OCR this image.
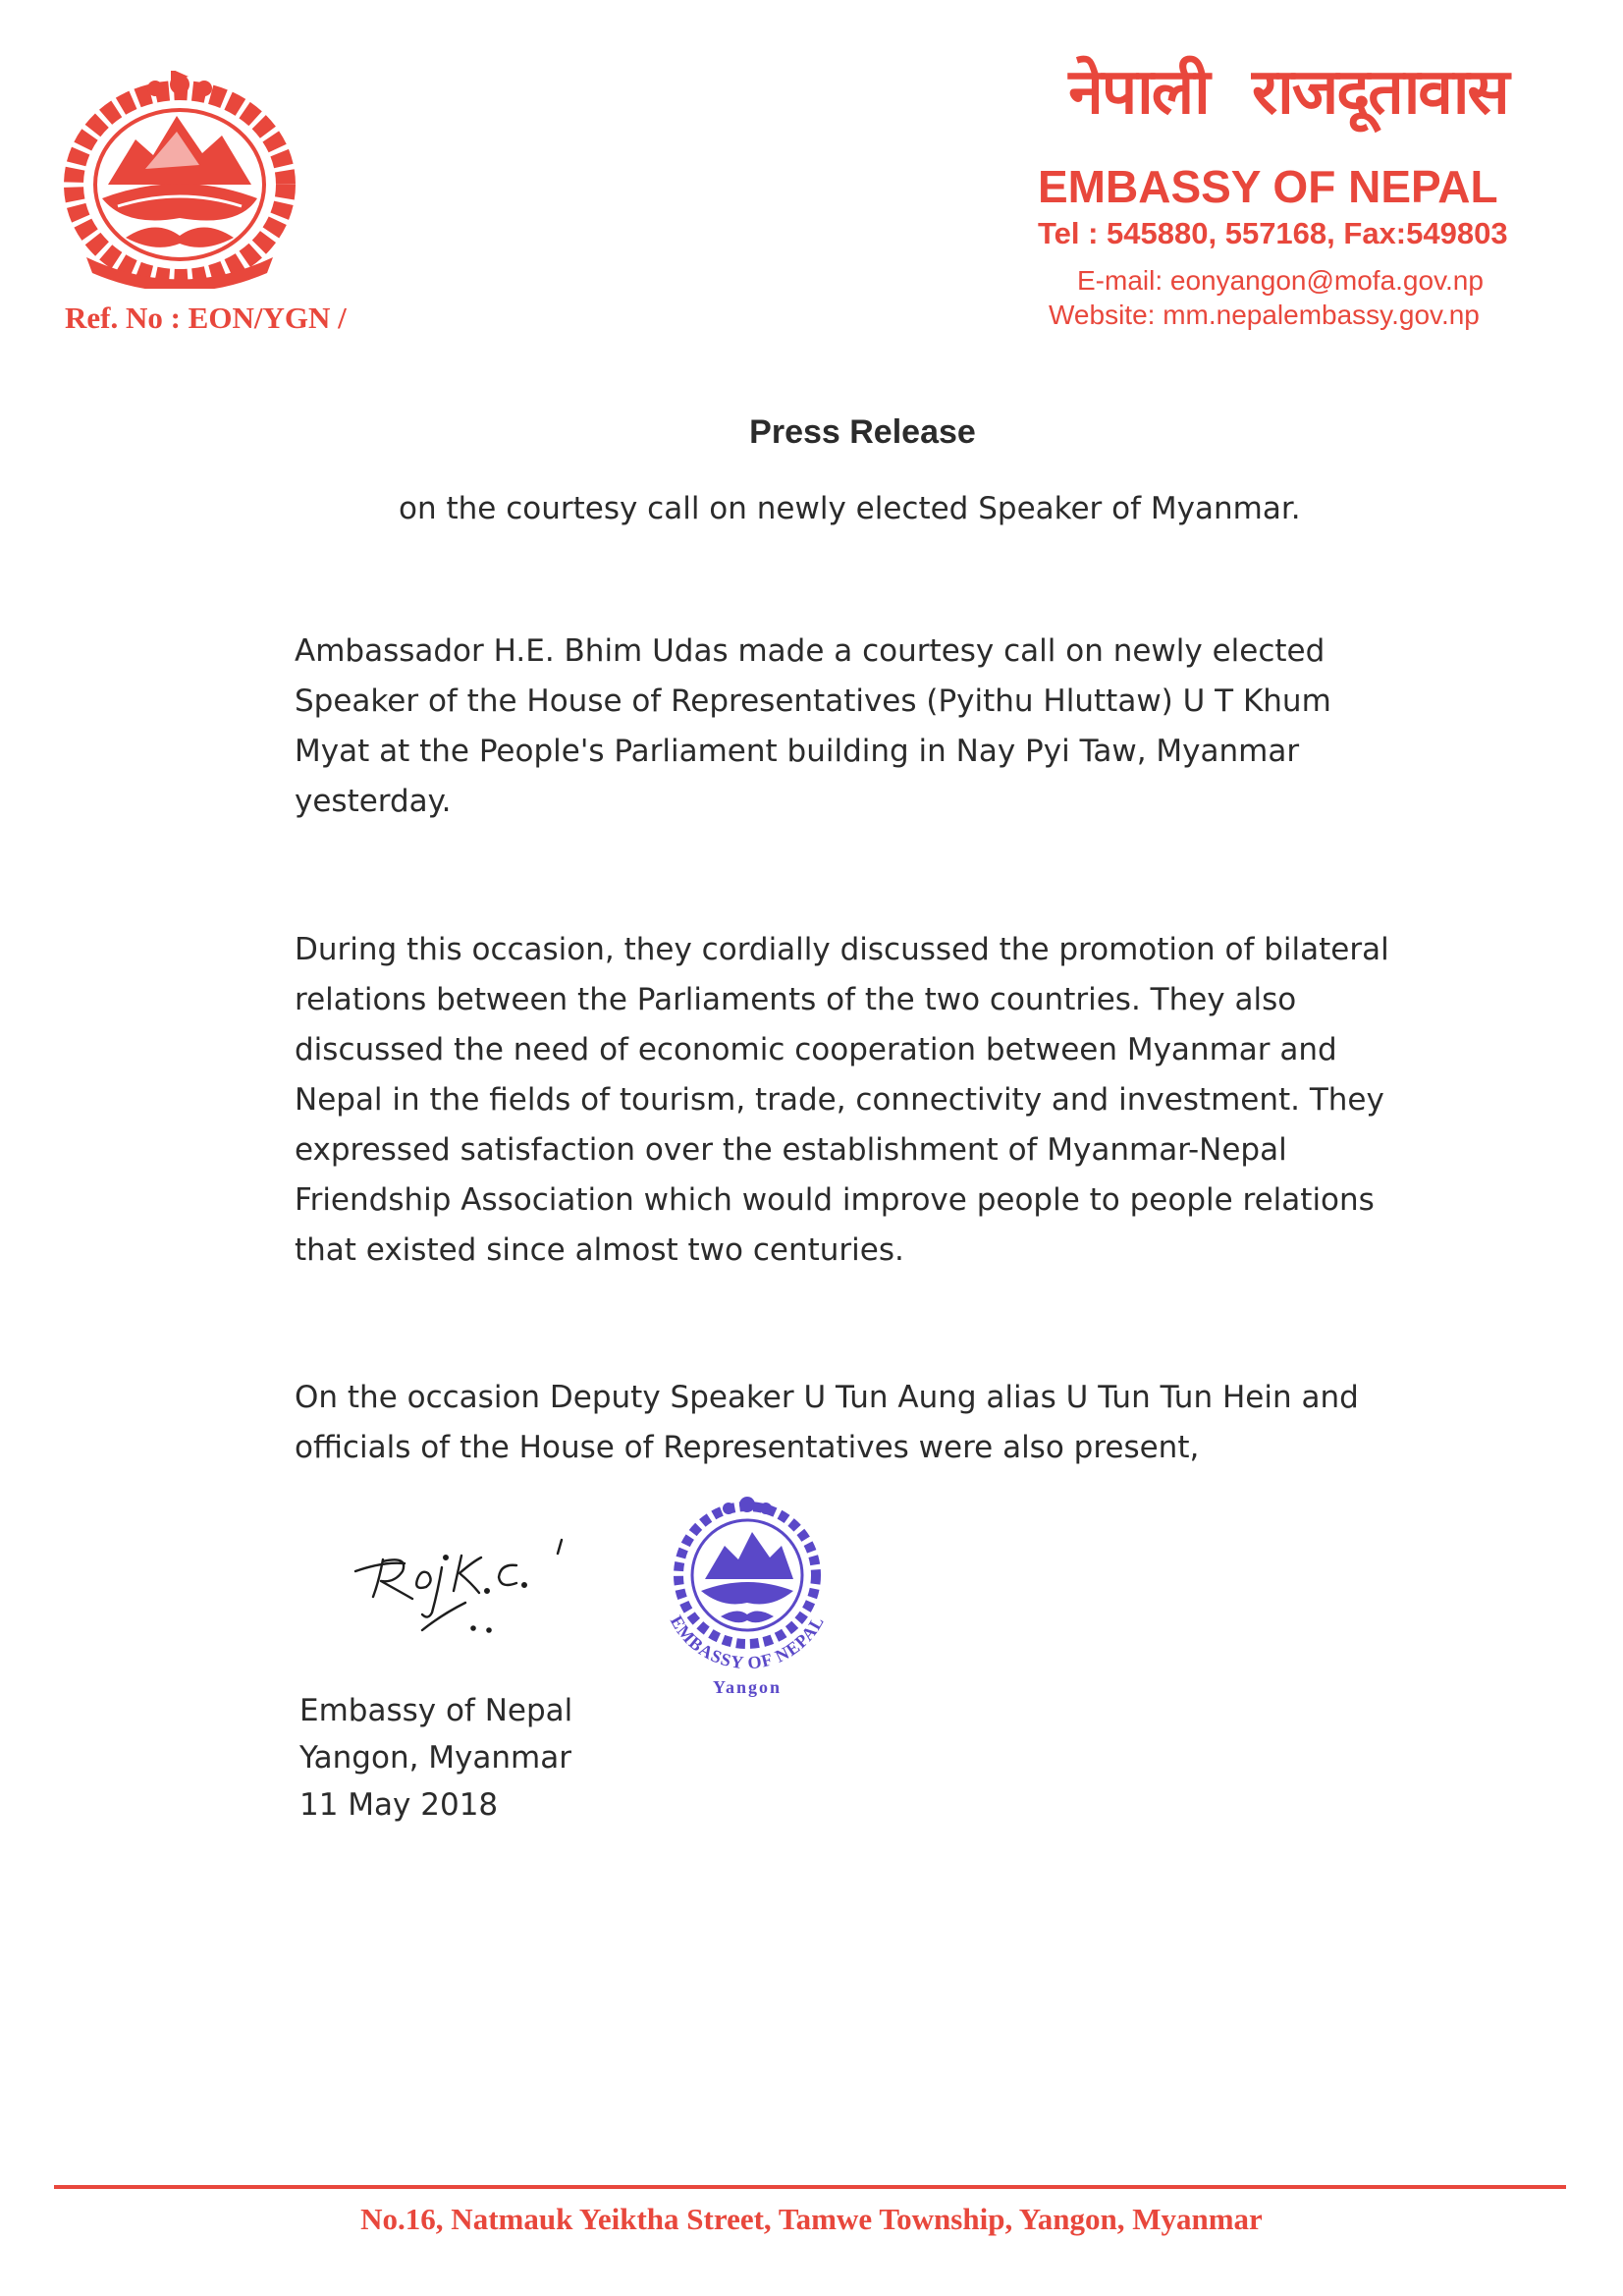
Ref. No : EON/YGN /
नेपाली राजदूतावास
EMBASSY OF NEPAL
Tel : 545880, 557168, Fax:549803
E-mail: eonyangon@mofa.gov.np
Website: mm.nepalembassy.gov.np
Press Release
on the courtesy call on newly elected Speaker of Myanmar.
Ambassador H.E. Bhim Udas made a courtesy call on newly elected
Speaker of the House of Representatives (Pyithu Hluttaw) U T Khum
Myat at the People's Parliament building in Nay Pyi Taw, Myanmar
yesterday.
During this occasion, they cordially discussed the promotion of bilateral
relations between the Parliaments of the two countries. They also
discussed the need of economic cooperation between Myanmar and
Nepal in the fields of tourism, trade, connectivity and investment. They
expressed satisfaction over the establishment of Myanmar-Nepal
Friendship Association which would improve people to people relations
that existed since almost two centuries.
On the occasion Deputy Speaker U Tun Aung alias U Tun Tun Hein and
officials of the House of Representatives were also present,
EMBASSY OF NEPAL
Yangon
Embassy of Nepal
Yangon, Myanmar
11 May 2018
No.16, Natmauk Yeiktha Street, Tamwe Township, Yangon, Myanmar
